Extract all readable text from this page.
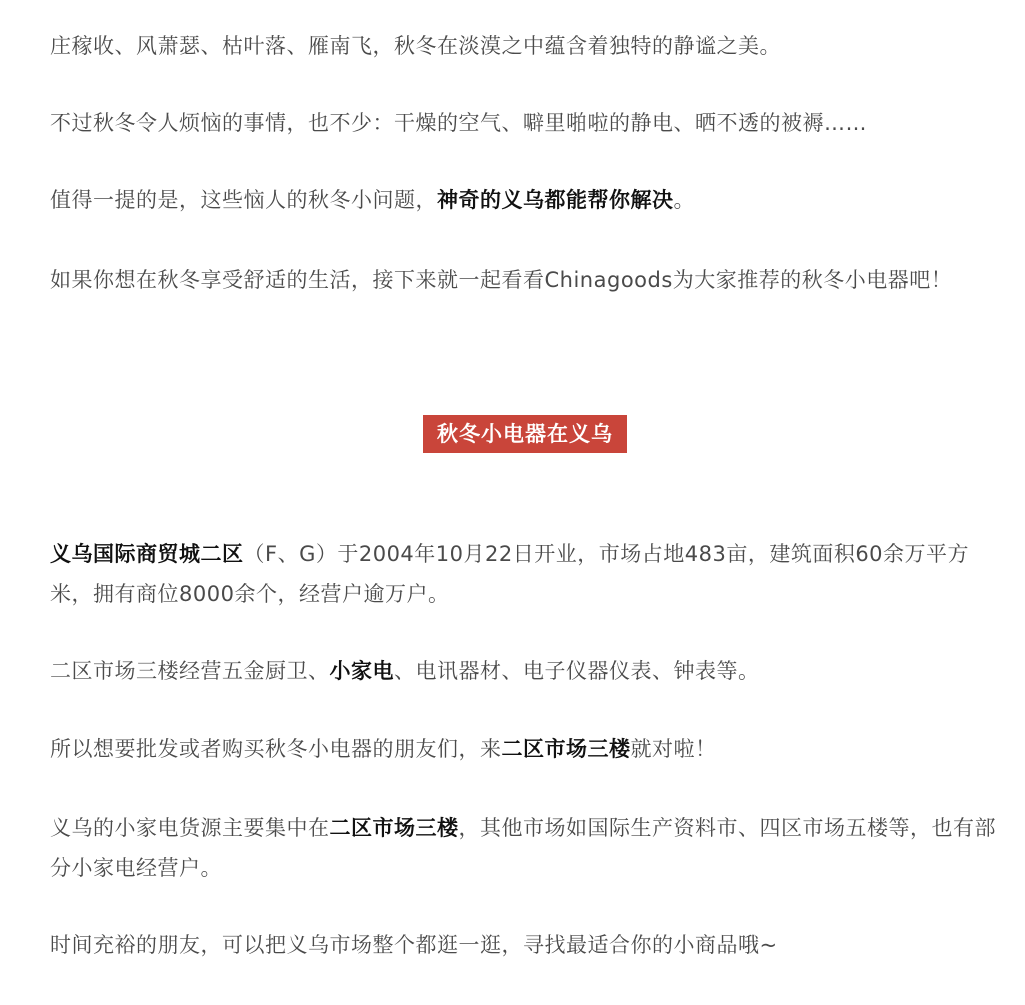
庄稼收、风萧瑟、枯叶落、雁南飞，秋冬在淡漠之中蕴含着独特的静谧之美。

不过秋冬令人烦恼的事情，也不少：干燥的空气、噼里啪啦的静电、晒不透的被褥……

值得一提的是，这些恼人的秋冬小问题，神奇的义乌都能帮你解决。

如果你想在秋冬享受舒适的生活，接下来就一起看看Chinagoods为大家推荐的秋冬小电器吧！

秋冬小电器在义乌

义乌国际商贸城二区（F、G）于2004年10月22日开业，市场占地483亩，建筑面积60余万平方米，拥有商位8000余个，经营户逾万户。

二区市场三楼经营五金厨卫、小家电、电讯器材、电子仪器仪表、钟表等。

所以想要批发或者购买秋冬小电器的朋友们，来二区市场三楼就对啦！

义乌的小家电货源主要集中在二区市场三楼，其他市场如国际生产资料市、四区市场五楼等，也有部分小家电经营户。

时间充裕的朋友，可以把义乌市场整个都逛一逛，寻找最适合你的小商品哦~
